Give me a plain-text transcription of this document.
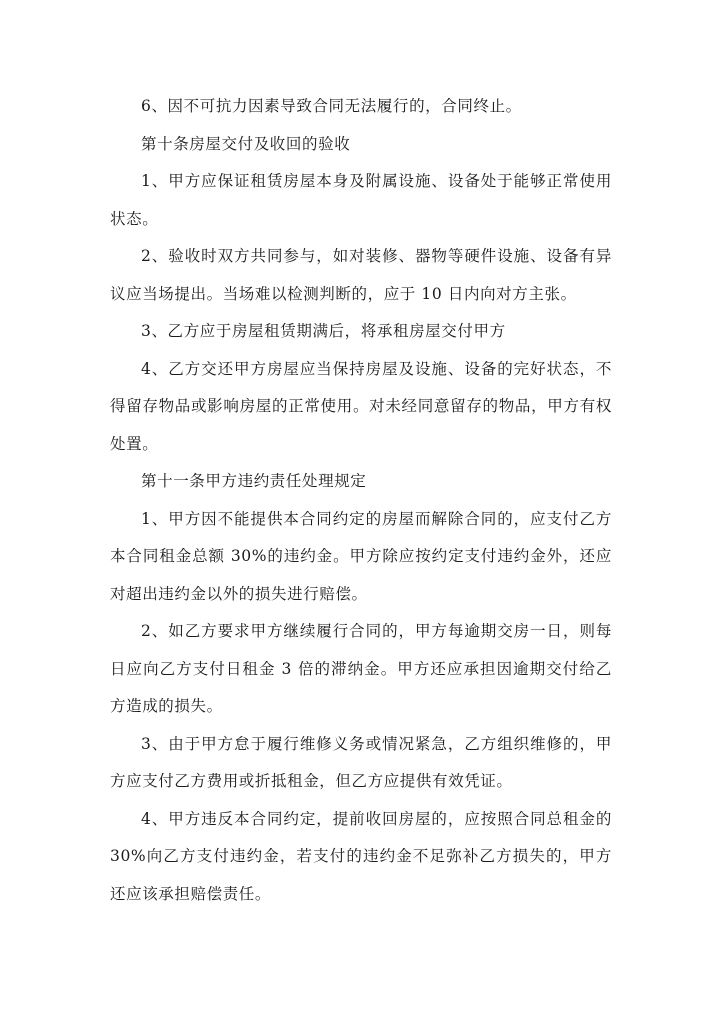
6、因不可抗力因素导致合同无法履行的，合同终止。

第十条房屋交付及收回的验收

1、甲方应保证租赁房屋本身及附属设施、设备处于能够正常使用状态。

2、验收时双方共同参与，如对装修、器物等硬件设施、设备有异议应当场提出。当场难以检测判断的，应于 10 日内向对方主张。

3、乙方应于房屋租赁期满后，将承租房屋交付甲方

4、乙方交还甲方房屋应当保持房屋及设施、设备的完好状态，不得留存物品或影响房屋的正常使用。对未经同意留存的物品，甲方有权处置。

第十一条甲方违约责任处理规定

1、甲方因不能提供本合同约定的房屋而解除合同的，应支付乙方本合同租金总额 30%的违约金。甲方除应按约定支付违约金外，还应对超出违约金以外的损失进行赔偿。

2、如乙方要求甲方继续履行合同的，甲方每逾期交房一日，则每日应向乙方支付日租金 3 倍的滞纳金。甲方还应承担因逾期交付给乙方造成的损失。

3、由于甲方怠于履行维修义务或情况紧急，乙方组织维修的，甲方应支付乙方费用或折抵租金，但乙方应提供有效凭证。

4、甲方违反本合同约定，提前收回房屋的，应按照合同总租金的 30%向乙方支付违约金，若支付的违约金不足弥补乙方损失的，甲方还应该承担赔偿责任。
